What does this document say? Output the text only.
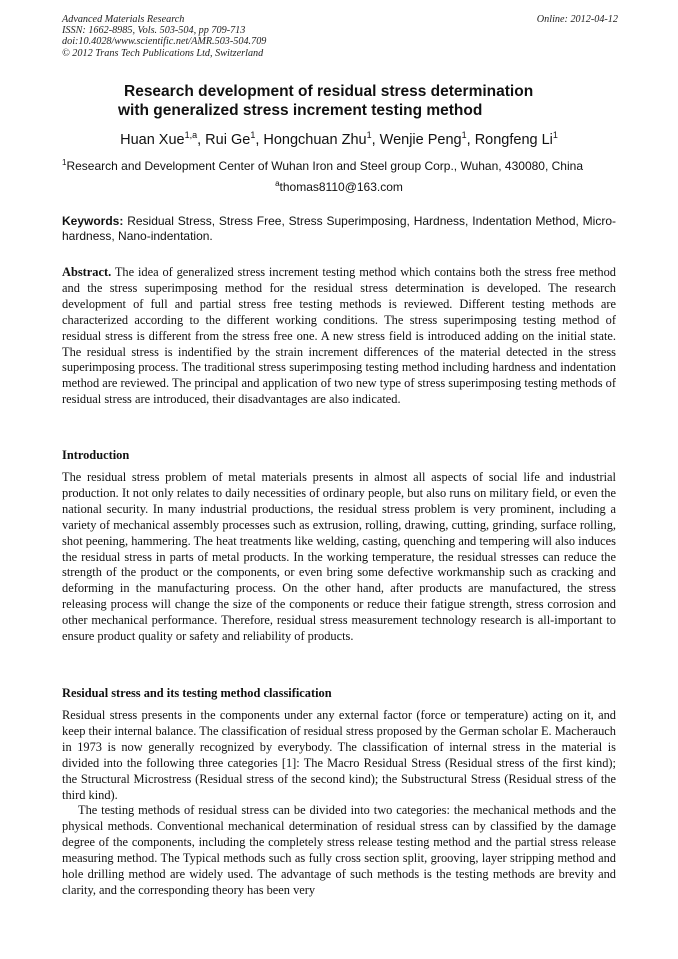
Advanced Materials Research
ISSN: 1662-8985, Vols. 503-504, pp 709-713
doi:10.4028/www.scientific.net/AMR.503-504.709
© 2012 Trans Tech Publications Ltd, Switzerland
Online: 2012-04-12
Research development of residual stress determination
with generalized stress increment testing method
Huan Xue$^{1,a}$, Rui Ge$^1$, Hongchuan Zhu$^1$, Wenjie Peng$^1$, Rongfeng Li$^1$
$^1$Research and Development Center of Wuhan Iron and Steel group Corp., Wuhan, 430080, China
$^a$thomas8110@163.com
Keywords: Residual Stress, Stress Free, Stress Superimposing, Hardness, Indentation Method, Micro-hardness, Nano-indentation.
Abstract. The idea of generalized stress increment testing method which contains both the stress free method and the stress superimposing method for the residual stress determination is developed. The research development of full and partial stress free testing methods is reviewed. Different testing methods are characterized according to the different working conditions. The stress superimposing testing method of residual stress is different from the stress free one. A new stress field is introduced adding on the initial state. The residual stress is indentified by the strain increment differences of the material detected in the stress superimposing process. The traditional stress superimposing testing method including hardness and indentation method are reviewed. The principal and application of two new type of stress superimposing testing methods of residual stress are introduced, their disadvantages are also indicated.
Introduction
The residual stress problem of metal materials presents in almost all aspects of social life and industrial production. It not only relates to daily necessities of ordinary people, but also runs on military field, or even the national security. In many industrial productions, the residual stress problem is very prominent, including a variety of mechanical assembly processes such as extrusion, rolling, drawing, cutting, grinding, surface rolling, shot peening, hammering. The heat treatments like welding, casting, quenching and tempering will also induces the residual stress in parts of metal products. In the working temperature, the residual stresses can reduce the strength of the product or the components, or even bring some defective workmanship such as cracking and deforming in the manufacturing process. On the other hand, after products are manufactured, the stress releasing process will change the size of the components or reduce their fatigue strength, stress corrosion and other mechanical performance. Therefore, residual stress measurement technology research is all-important to ensure product quality or safety and reliability of products.
Residual stress and its testing method classification
Residual stress presents in the components under any external factor (force or temperature) acting on it, and keep their internal balance. The classification of residual stress proposed by the German scholar E. Macherauch in 1973 is now generally recognized by everybody. The classification of internal stress in the material is divided into the following three categories [1]: The Macro Residual Stress (Residual stress of the first kind); the Structural Microstress (Residual stress of the second kind); the Substructural Stress (Residual stress of the third kind).
The testing methods of residual stress can be divided into two categories: the mechanical methods and the physical methods. Conventional mechanical determination of residual stress can by classified by the damage degree of the components, including the completely stress release testing method and the partial stress release measuring method. The Typical methods such as fully cross section split, grooving, layer stripping method and hole drilling method are widely used. The advantage of such methods is the testing methods are brevity and clarity, and the corresponding theory has been very
